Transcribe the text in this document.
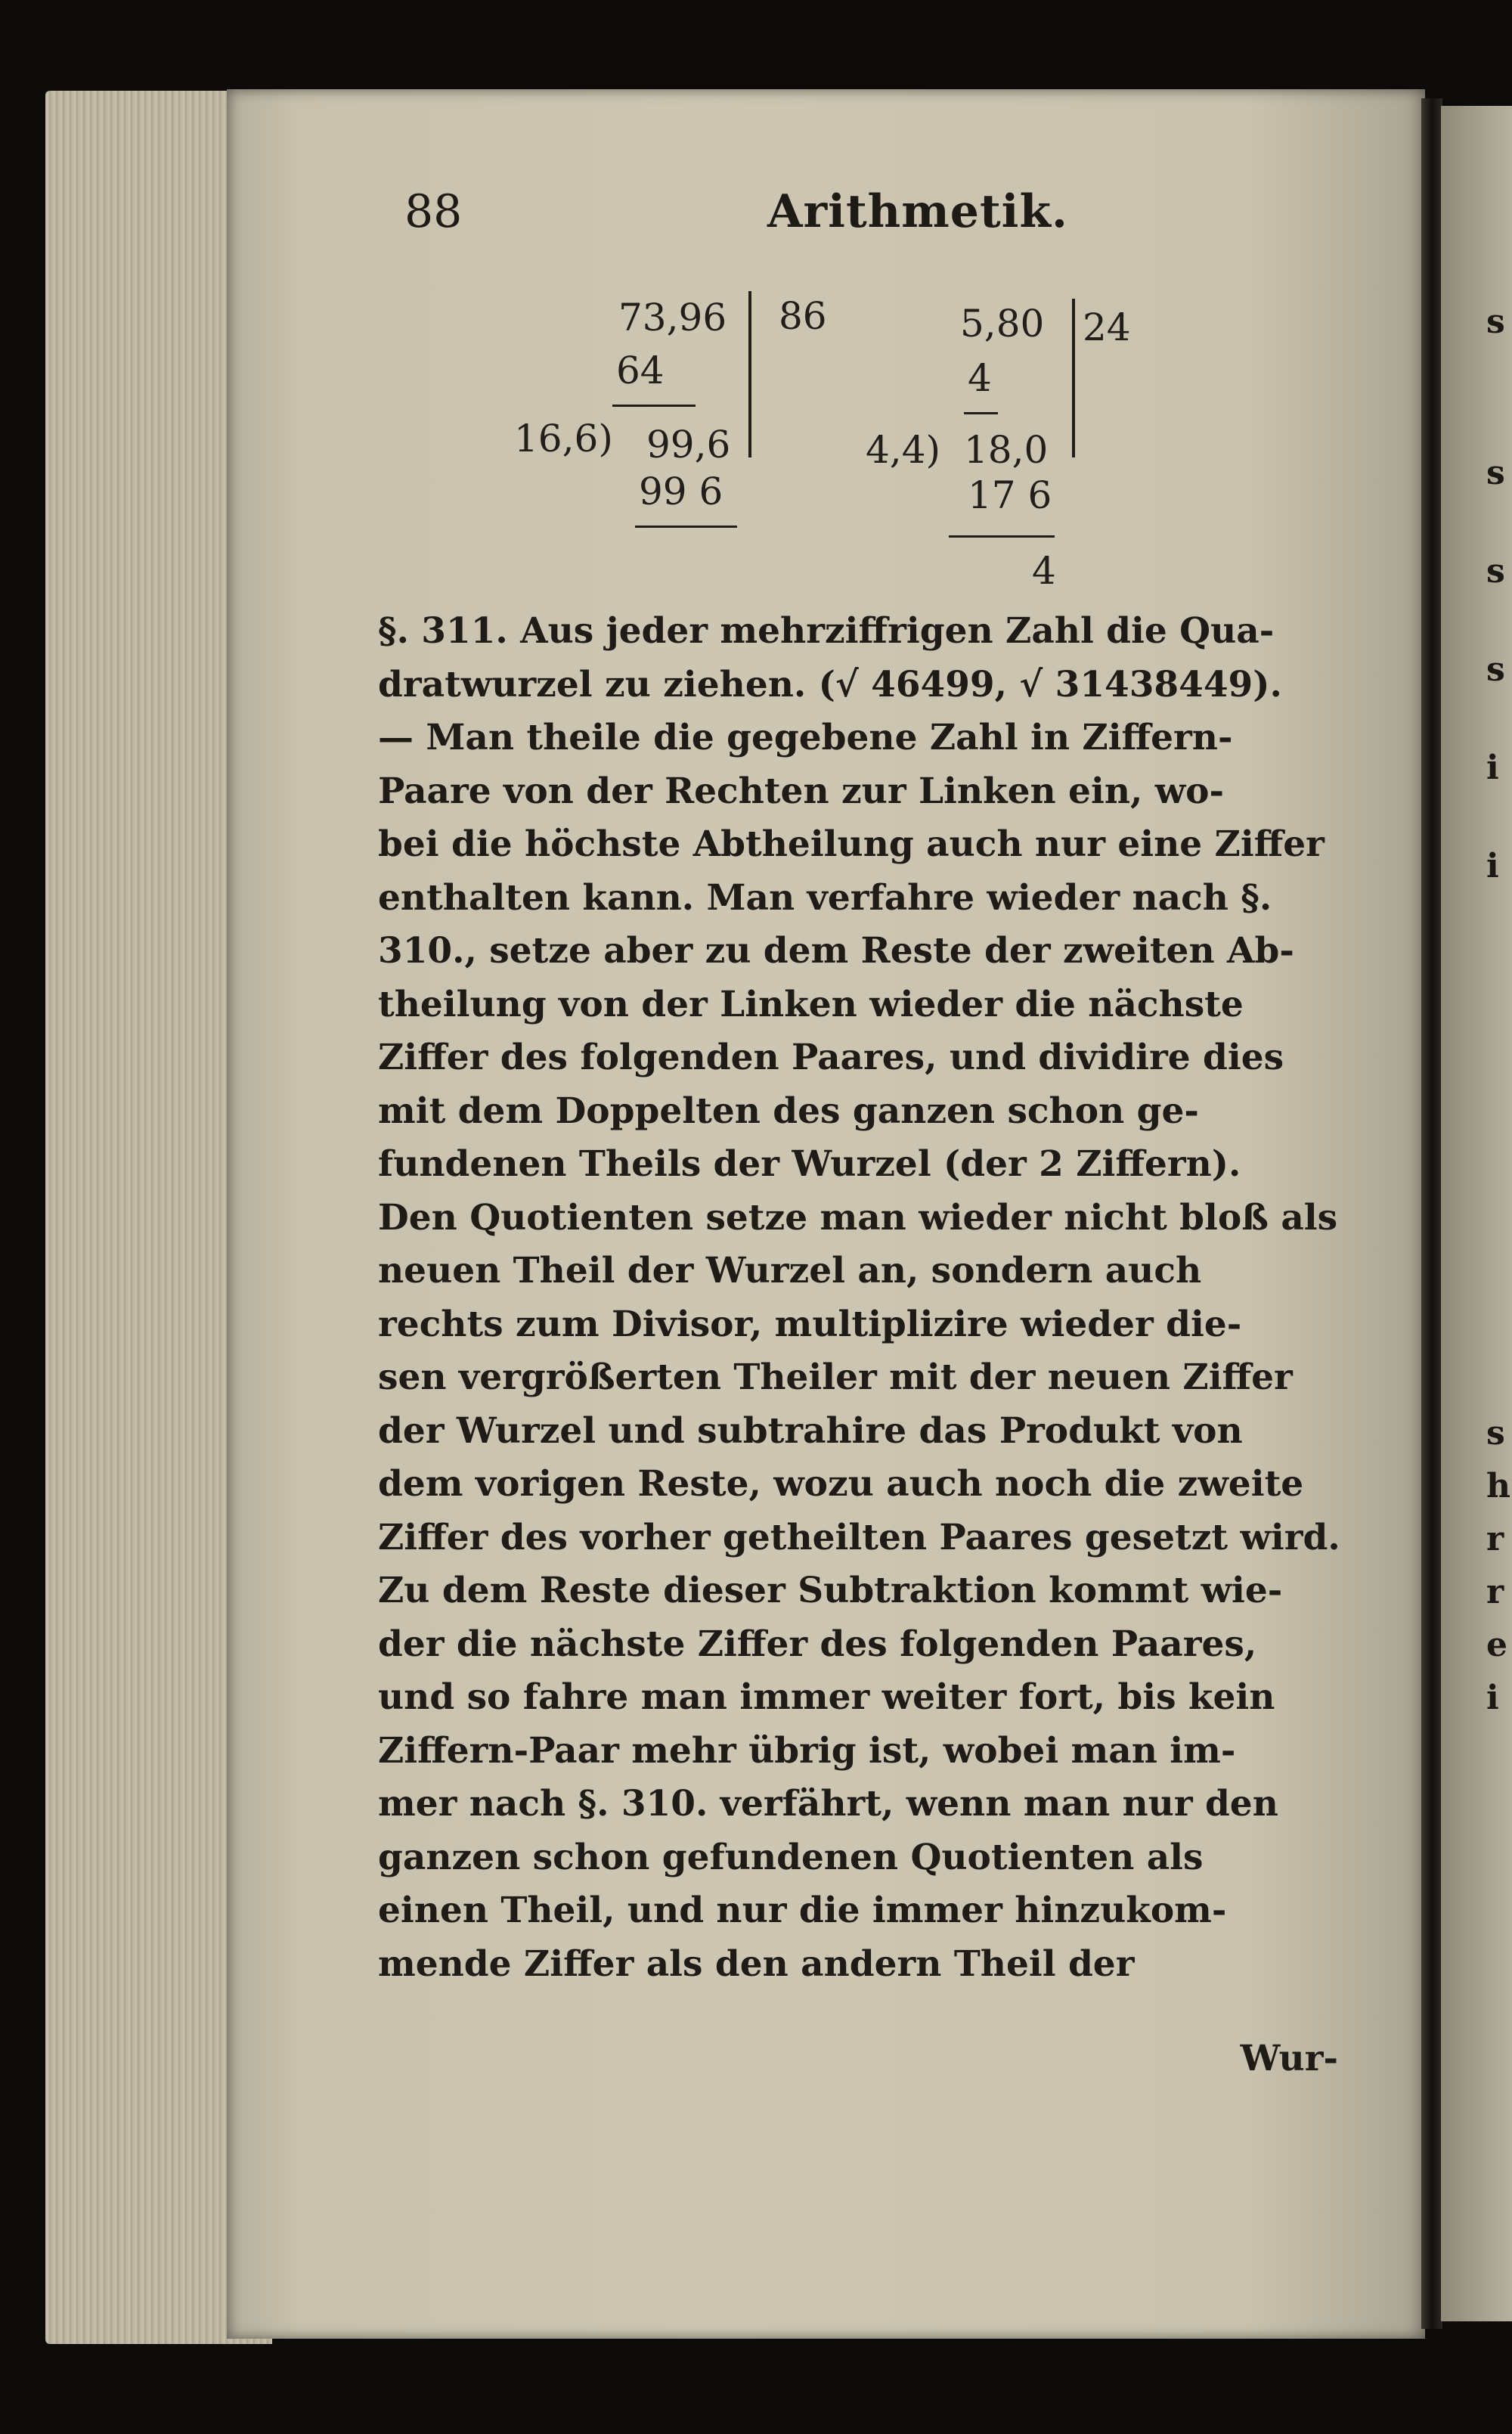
s
s
s
s
i
i
s
h
r
r
e
i
88	Arithmetik.
73,96 86
64
16,6) 99,6
99 6
5,80 24
4
4,4) 18,0
17 6
4
§. 311. Aus jeder mehrziffrigen Zahl die Qua-
dratwurzel zu ziehen. (√ 46499, √ 31438449).
— Man theile die gegebene Zahl in Ziffern-
Paare von der Rechten zur Linken ein, wo-
bei die höchste Abtheilung auch nur eine Ziffer
enthalten kann. Man verfahre wieder nach §.
310., setze aber zu dem Reste der zweiten Ab-
theilung von der Linken wieder die nächste
Ziffer des folgenden Paares, und dividire dies
mit dem Doppelten des ganzen schon ge-
fundenen Theils der Wurzel (der 2 Ziffern).
Den Quotienten setze man wieder nicht bloß als
neuen Theil der Wurzel an, sondern auch
rechts zum Divisor, multiplizire wieder die-
sen vergrößerten Theiler mit der neuen Ziffer
der Wurzel und subtrahire das Produkt von
dem vorigen Reste, wozu auch noch die zweite
Ziffer des vorher getheilten Paares gesetzt wird.
Zu dem Reste dieser Subtraktion kommt wie-
der die nächste Ziffer des folgenden Paares,
und so fahre man immer weiter fort, bis kein
Ziffern-Paar mehr übrig ist, wobei man im-
mer nach §. 310. verfährt, wenn man nur den
ganzen schon gefundenen Quotienten als
einen Theil, und nur die immer hinzukom-
mende Ziffer als den andern Theil der
Wur-
